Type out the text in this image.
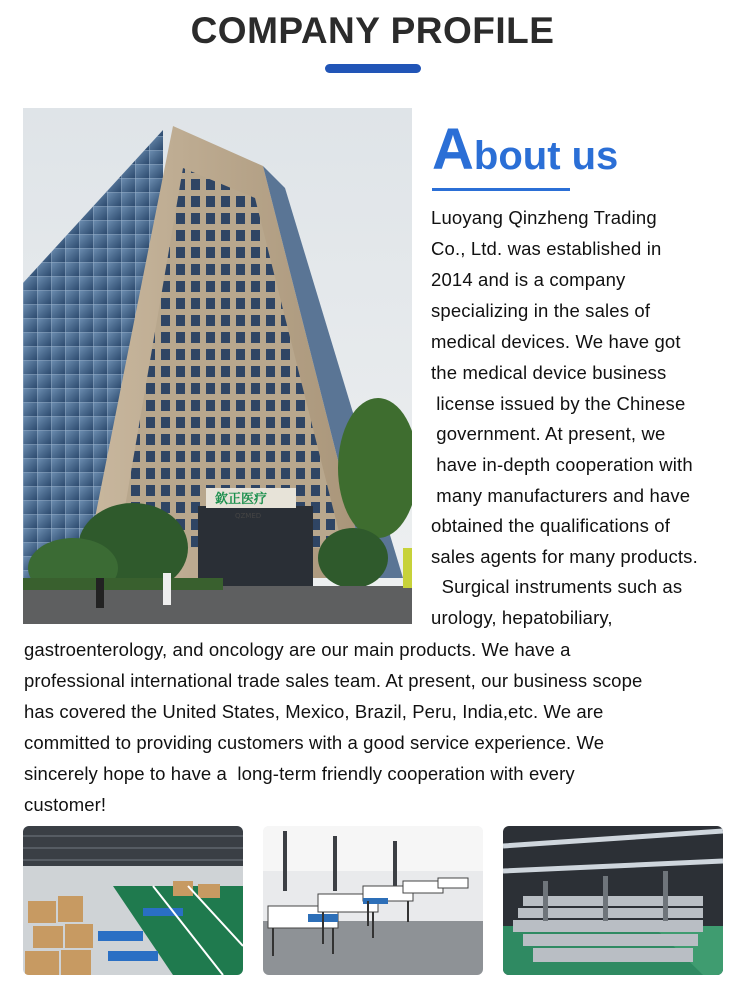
COMPANY PROFILE
欽正医疗
QZMED
About us
Luoyang Qinzheng Trading
Co., Ltd. was established in
2014 and is a company
specializing in the sales of
medical devices. We have got
the medical device business
license issued by the Chinese
government. At present, we
have in-depth cooperation with
many manufacturers and have
obtained the qualifications of
sales agents for many products.
Surgical instruments such as
urology, hepatobiliary,
gastroenterology, and oncology are our main products. We have a
professional international trade sales team. At present, our business scope
has covered the United States, Mexico, Brazil, Peru, India,etc. We are
committed to providing customers with a good service experience. We
sincerely hope to have a  long-term friendly cooperation with every
customer!
